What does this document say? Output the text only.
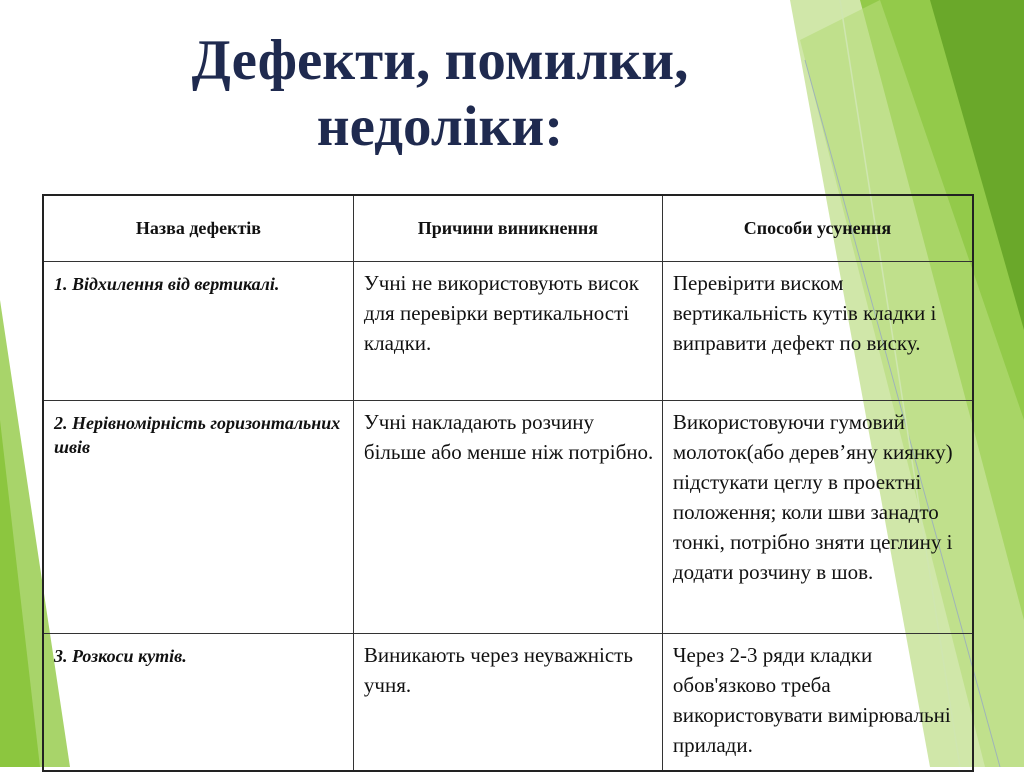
Дефекти, помилки,
недоліки:
Назва дефектів	Причини виникнення	Способи усунення
1. Відхилення від вертикалі.	Учні не використовують висок для перевірки вертикальності кладки.	Перевірити виском вертикальність кутів кладки і виправити дефект по виску.
2. Нерівномірність горизонтальних швів	Учні накладають розчину більше або менше ніж потрібно.	Використовуючи гумовий молоток(або дерев’яну киянку) підстукати цеглу в проектні положення; коли шви занадто тонкі, потрібно зняти цеглину і додати розчину в шов.
3. Розкоси кутів.	Виникають через неуважність учня.	Через 2-3 ряди кладки обов'язково треба використовувати вимірювальні прилади.
